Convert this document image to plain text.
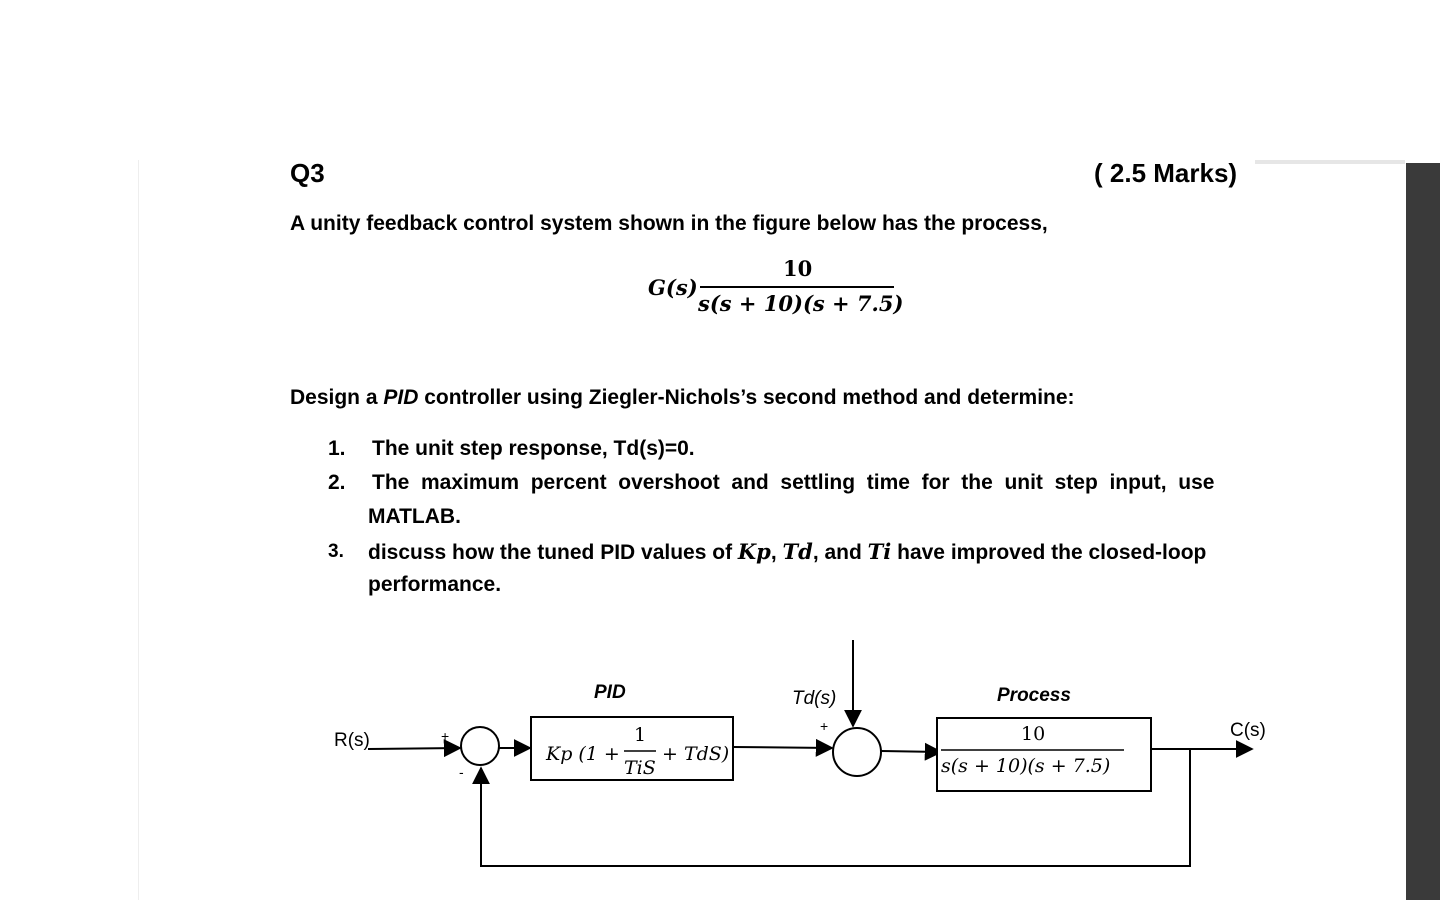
Q3	( 2.5 Marks)
A unity feedback control system shown in the figure below has the process,
G(s)
10
s(s + 10)(s + 7.5)
Design a PID controller using Ziegler-Nichols’s second method and determine:
1. The unit step response, Td(s)=0.
2. The  maximum  percent  overshoot  and  settling  time  for  the  unit  step  input,  use
MATLAB.
3. discuss how the tuned PID values of Kp, Td, and Ti have improved the closed-loop
performance.
R(s)	C(s)
+
-
PID
Kp (1 +
1
TiS
+ TdS)
Td(s)
+
Process
10
s(s + 10)(s + 7.5)
